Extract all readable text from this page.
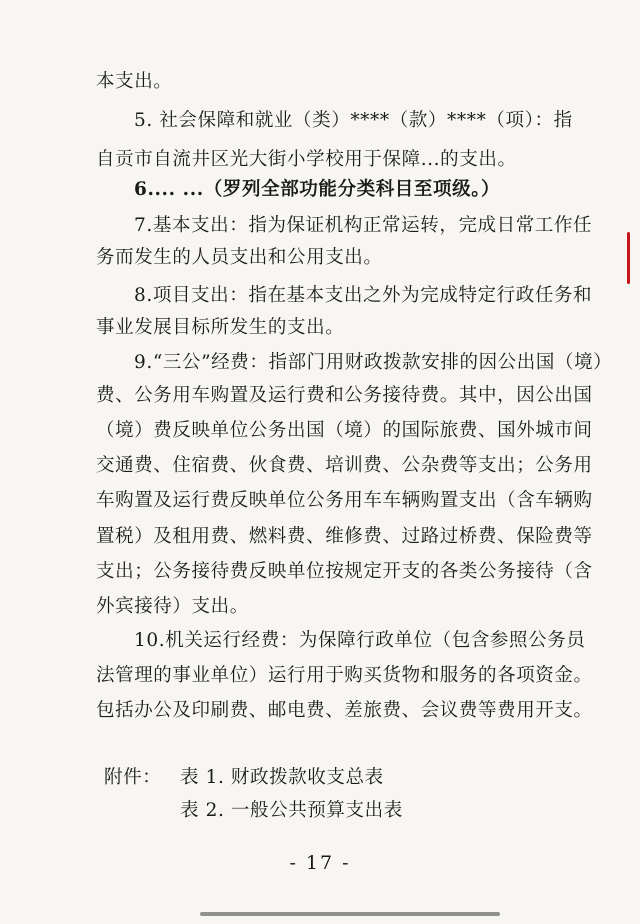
本支出。
5. 社会保障和就业（类）****（款）****（项）：指
自贡市自流井区光大街小学校用于保障...的支出。
6.... ...（罗列全部功能分类科目至项级。）
7.基本支出：指为保证机构正常运转，完成日常工作任
务而发生的人员支出和公用支出。
8.项目支出：指在基本支出之外为完成特定行政任务和
事业发展目标所发生的支出。
9.“三公”经费：指部门用财政拨款安排的因公出国（境）
费、公务用车购置及运行费和公务接待费。其中，因公出国
（境）费反映单位公务出国（境）的国际旅费、国外城市间
交通费、住宿费、伙食费、培训费、公杂费等支出；公务用
车购置及运行费反映单位公务用车车辆购置支出（含车辆购
置税）及租用费、燃料费、维修费、过路过桥费、保险费等
支出；公务接待费反映单位按规定开支的各类公务接待（含
外宾接待）支出。
10.机关运行经费：为保障行政单位（包含参照公务员
法管理的事业单位）运行用于购买货物和服务的各项资金。
包括办公及印刷费、邮电费、差旅费、会议费等费用开支。
附件： 表 1. 财政拨款收支总表
表 2. 一般公共预算支出表
- 17 -
